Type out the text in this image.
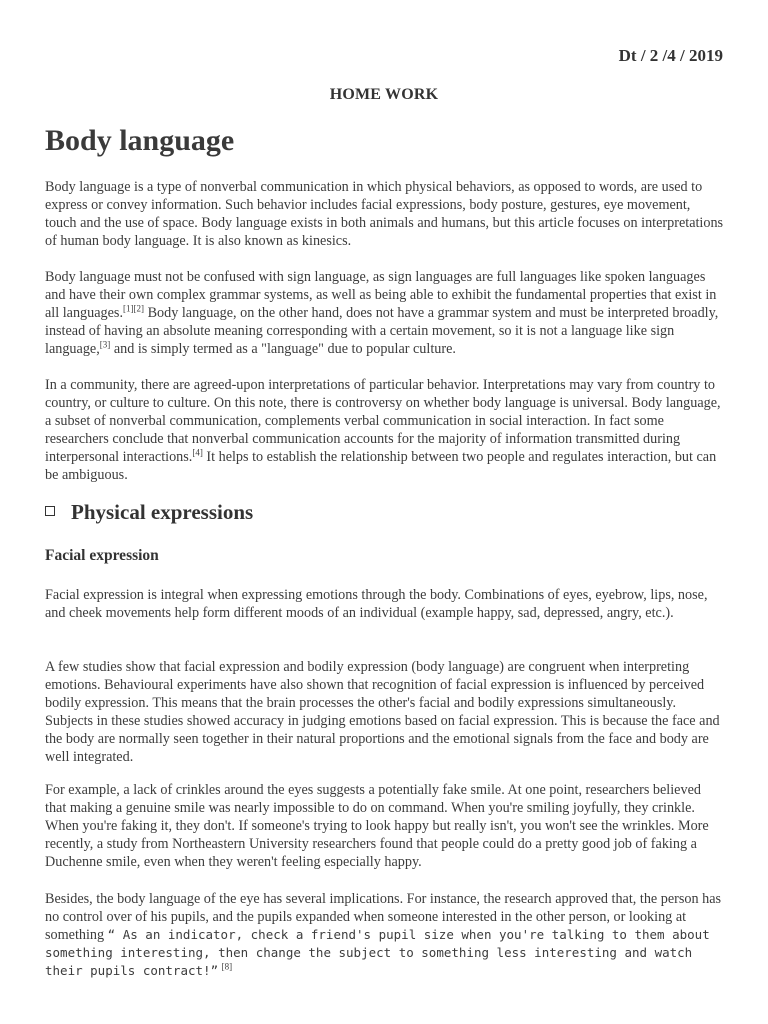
Dt / 2 /4 / 2019
HOME WORK
Body language

Body language is a type of nonverbal communication in which physical behaviors, as opposed to words, are used to express or convey information. Such behavior includes facial expressions, body posture, gestures, eye movement, touch and the use of space. Body language exists in both animals and humans, but this article focuses on interpretations of human body language. It is also known as kinesics.

Body language must not be confused with sign language, as sign languages are full languages like spoken languages and have their own complex grammar systems, as well as being able to exhibit the fundamental properties that exist in all languages.[1][2] Body language, on the other hand, does not have a grammar system and must be interpreted broadly, instead of having an absolute meaning corresponding with a certain movement, so it is not a language like sign language,[3] and is simply termed as a "language" due to popular culture.

In a community, there are agreed-upon interpretations of particular behavior. Interpretations may vary from country to country, or culture to culture. On this note, there is controversy on whether body language is universal. Body language, a subset of nonverbal communication, complements verbal communication in social interaction. In fact some researchers conclude that nonverbal communication accounts for the majority of information transmitted during interpersonal interactions.[4] It helps to establish the relationship between two people and regulates interaction, but can be ambiguous.

Physical expressions
Facial expression

Facial expression is integral when expressing emotions through the body. Combinations of eyes, eyebrow, lips, nose, and cheek movements help form different moods of an individual (example happy, sad, depressed, angry, etc.).

A few studies show that facial expression and bodily expression (body language) are congruent when interpreting emotions. Behavioural experiments have also shown that recognition of facial expression is influenced by perceived bodily expression. This means that the brain processes the other's facial and bodily expressions simultaneously. Subjects in these studies showed accuracy in judging emotions based on facial expression. This is because the face and the body are normally seen together in their natural proportions and the emotional signals from the face and body are well integrated.

For example, a lack of crinkles around the eyes suggests a potentially fake smile. At one point, researchers believed that making a genuine smile was nearly impossible to do on command. When you're smiling joyfully, they crinkle. When you're faking it, they don't. If someone's trying to look happy but really isn't, you won't see the wrinkles. More recently, a study from Northeastern University researchers found that people could do a pretty good job of faking a Duchenne smile, even when they weren't feeling especially happy.

Besides, the body language of the eye has several implications. For instance, the research approved that, the person has no control over of his pupils, and the pupils expanded when someone interested in the other person, or looking at something “ As an indicator, check a friend's pupil size when you're talking to them about something interesting, then change the subject to something less interesting and watch their pupils contract!” [8]
